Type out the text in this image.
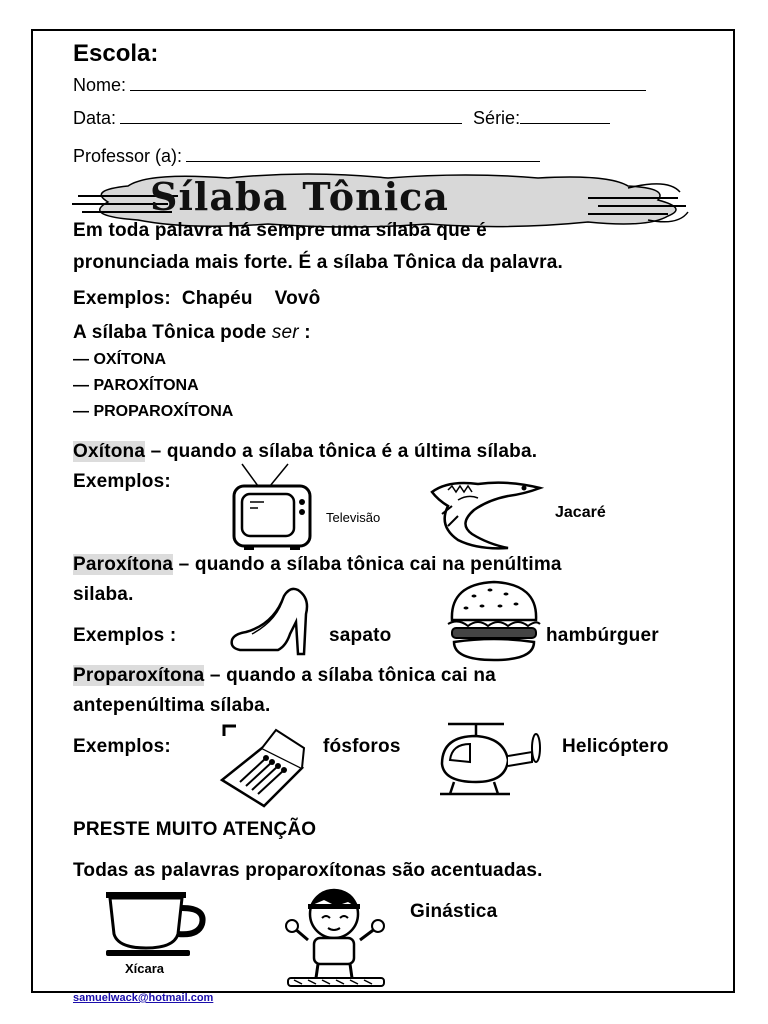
Escola:
Nome:
Data:	Série:
Professor (a):
Sílaba Tônica
Em toda palavra há sempre uma sílaba que é
pronunciada mais forte. É a sílaba Tônica da palavra.
Exemplos:  Chapéu    Vovô
A sílaba Tônica pode ser :
— OXÍTONA
— PAROXÍTONA
— PROPAROXÍTONA
Oxítona – quando a sílaba tônica é a última sílaba.
Exemplos:
Televisão	Jacaré
Paroxítona – quando a sílaba tônica cai na penúltima
silaba.
Exemplos :	sapato	hambúrguer
Proparoxítona – quando a sílaba tônica cai na
antepenúltima sílaba.
Exemplos:	fósforos	Helicóptero
PRESTE MUITO ATENÇÃO
Todas as palavras proparoxítonas são acentuadas.
Xícara
Ginástica
samuelwack@hotmail.com
